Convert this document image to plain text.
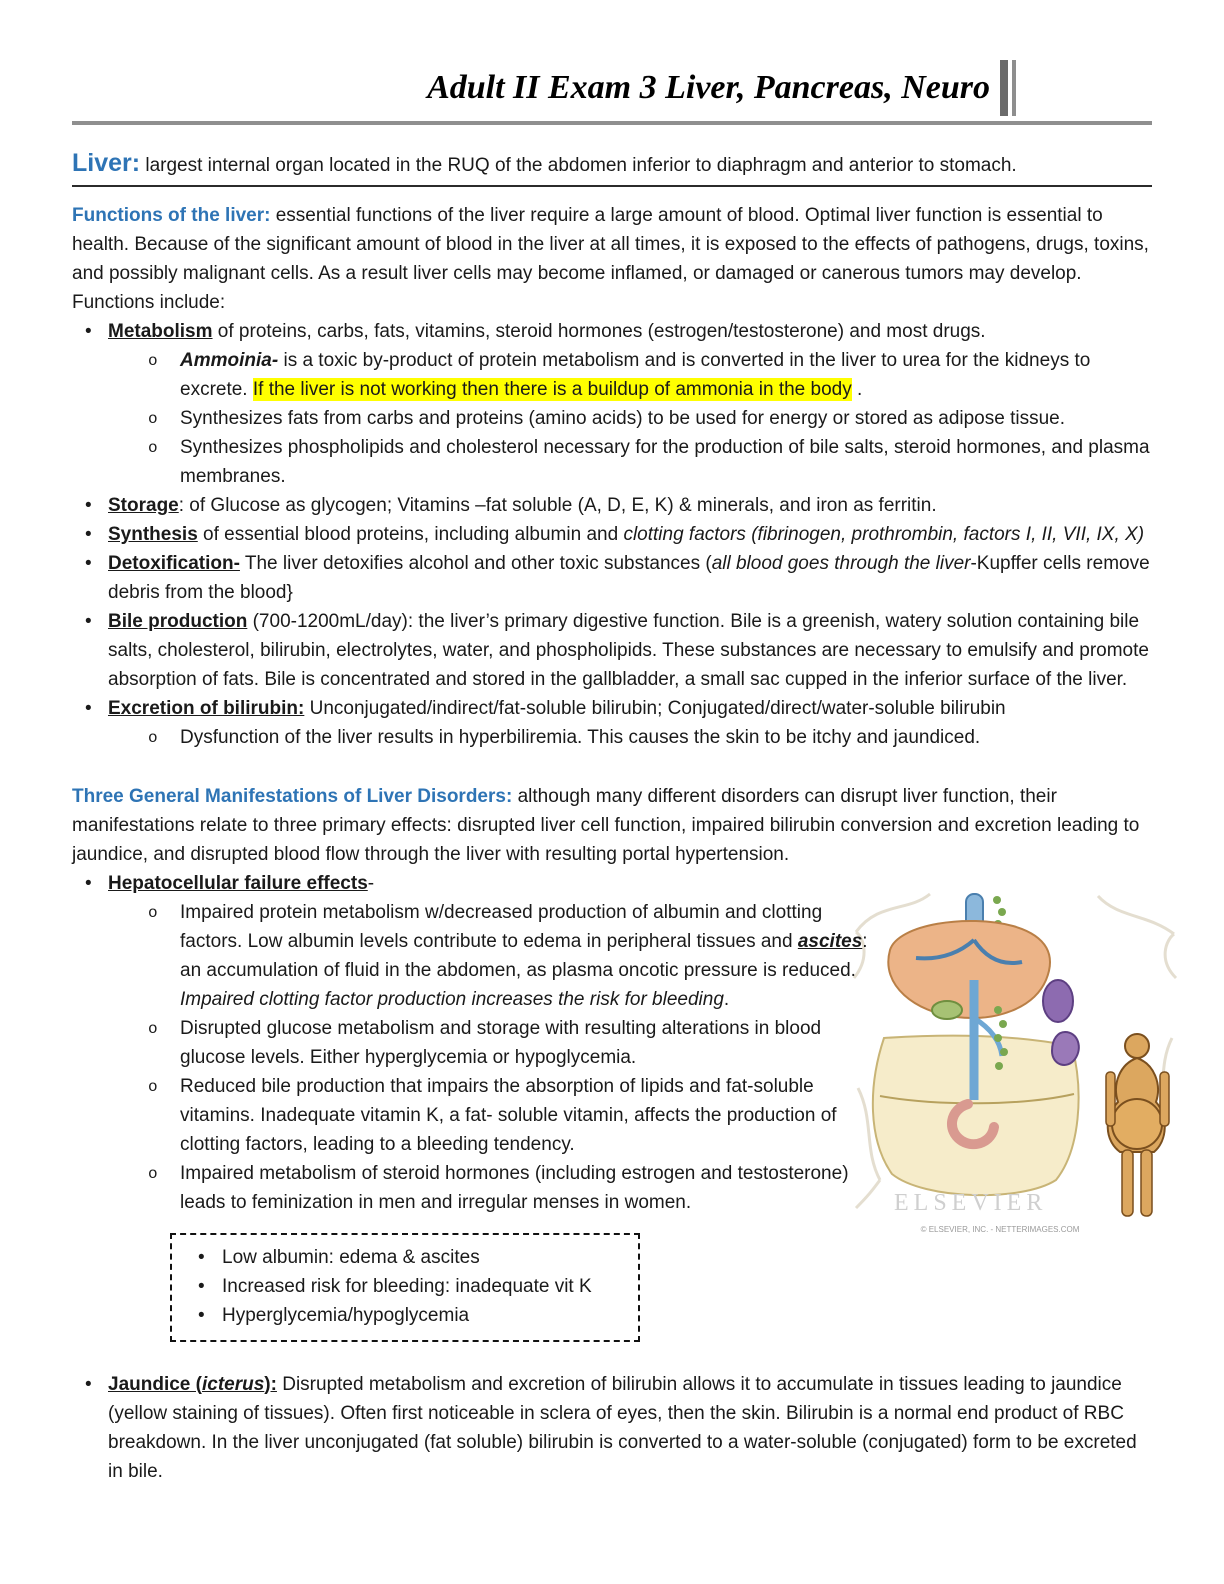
Adult II Exam 3 Liver, Pancreas, Neuro

Liver: largest internal organ located in the RUQ of the abdomen inferior to diaphragm and anterior to stomach.

Functions of the liver: essential functions of the liver require a large amount of blood. Optimal liver function is essential to health. Because of the significant amount of blood in the liver at all times, it is exposed to the effects of pathogens, drugs, toxins, and possibly malignant cells. As a result liver cells may become inflamed, or damaged or canerous tumors may develop. Functions include:

• Metabolism of proteins, carbs, fats, vitamins, steroid hormones (estrogen/testosterone) and most drugs.
o Ammoinia- is a toxic by-product of protein metabolism and is converted in the liver to urea for the kidneys to excrete. If the liver is not working then there is a buildup of ammonia in the body .
o Synthesizes fats from carbs and proteins (amino acids) to be used for energy or stored as adipose tissue.
o Synthesizes phospholipids and cholesterol necessary for the production of bile salts, steroid hormones, and plasma membranes.
• Storage: of Glucose as glycogen; Vitamins –fat soluble (A, D, E, K) & minerals, and iron as ferritin.
• Synthesis of essential blood proteins, including albumin and clotting factors (fibrinogen, prothrombin, factors I, II, VII, IX, X)
• Detoxification- The liver detoxifies alcohol and other toxic substances (all blood goes through the liver-Kupffer cells remove debris from the blood}
• Bile production (700-1200mL/day): the liver’s primary digestive function. Bile is a greenish, watery solution containing bile salts, cholesterol, bilirubin, electrolytes, water, and phospholipids. These substances are necessary to emulsify and promote absorption of fats. Bile is concentrated and stored in the gallbladder, a small sac cupped in the inferior surface of the liver.
• Excretion of bilirubin: Unconjugated/indirect/fat-soluble bilirubin; Conjugated/direct/water-soluble bilirubin
o Dysfunction of the liver results in hyperbiliremia. This causes the skin to be itchy and jaundiced.

Three General Manifestations of Liver Disorders: although many different disorders can disrupt liver function, their manifestations relate to three primary effects: disrupted liver cell function, impaired bilirubin conversion and excretion leading to jaundice, and disrupted blood flow through the liver with resulting portal hypertension.

• Hepatocellular failure effects-
ELSEVIER
© ELSEVIER, INC. - NETTERIMAGES.COM
o Impaired protein metabolism w/decreased production of albumin and clotting factors. Low albumin levels contribute to edema in peripheral tissues and ascites: an accumulation of fluid in the abdomen, as plasma oncotic pressure is reduced. Impaired clotting factor production increases the risk for bleeding.
o Disrupted glucose metabolism and storage with resulting alterations in blood glucose levels. Either hyperglycemia or hypoglycemia.
o Reduced bile production that impairs the absorption of lipids and fat-soluble vitamins. Inadequate vitamin K, a fat- soluble vitamin, affects the production of clotting factors, leading to a bleeding tendency.
o Impaired metabolism of steroid hormones (including estrogen and testosterone) leads to feminization in men and irregular menses in women.
• Low albumin: edema & ascites
• Increased risk for bleeding: inadequate vit K
• Hyperglycemia/hypoglycemia
• Jaundice (icterus): Disrupted metabolism and excretion of bilirubin allows it to accumulate in tissues leading to jaundice (yellow staining of tissues). Often first noticeable in sclera of eyes, then the skin. Bilirubin is a normal end product of RBC breakdown. In the liver unconjugated (fat soluble) bilirubin is converted to a water-soluble (conjugated) form to be excreted in bile.
